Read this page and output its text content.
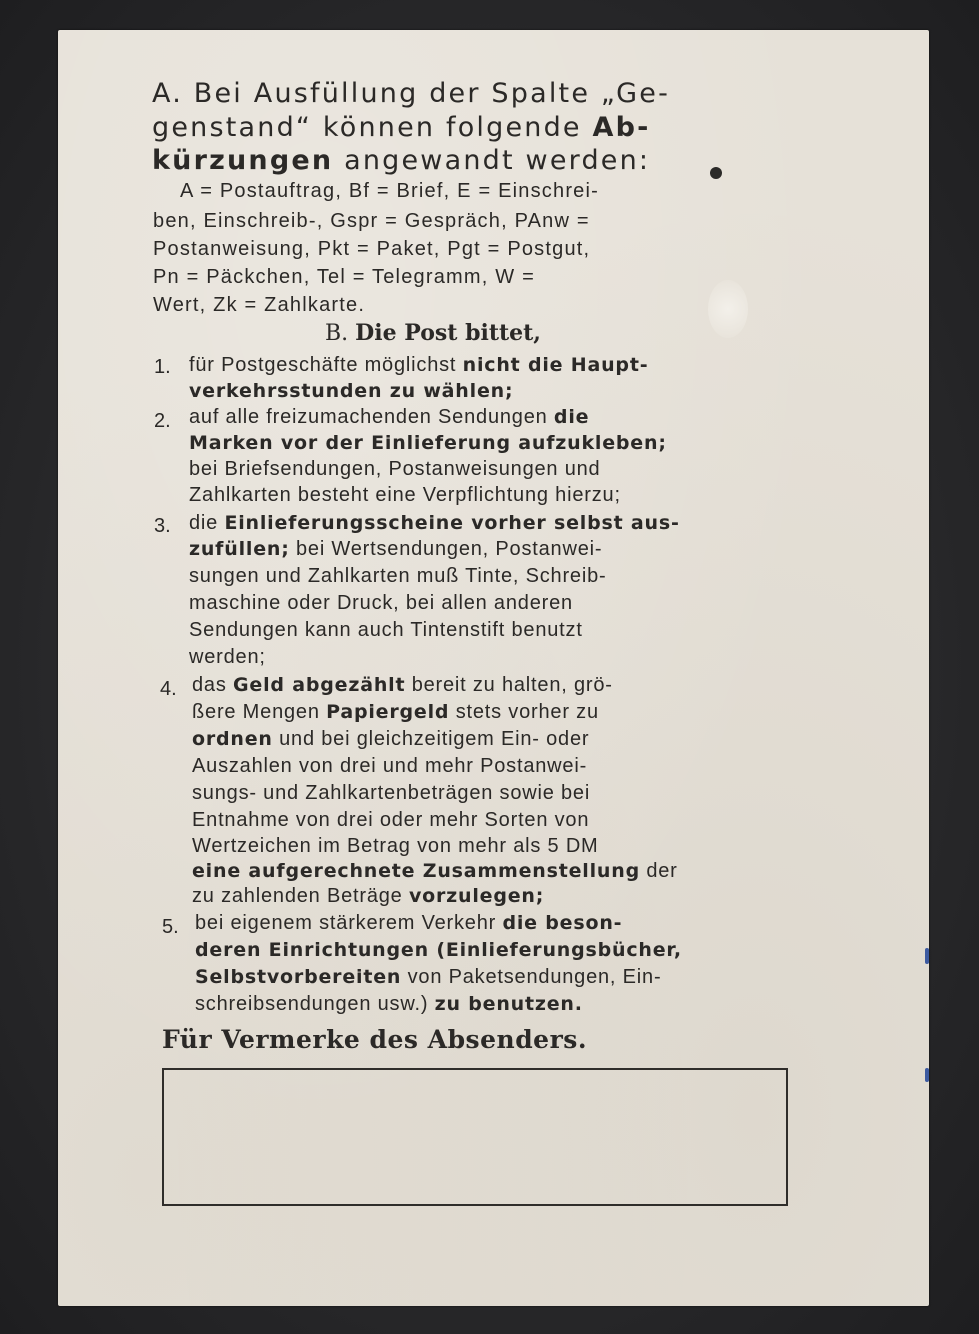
A. Bei Ausfüllung der Spalte „Ge-
genstand“ können folgende Ab-
kürzungen angewandt werden:
A = Postauftrag, Bf = Brief, E = Einschrei-
ben, Einschreib-, Gspr = Gespräch, PAnw =
Postanweisung, Pkt = Paket, Pgt = Postgut,
Pn = Päckchen, Tel = Telegramm, W =
Wert, Zk = Zahlkarte.
B. Die Post bittet,
1. für Postgeschäfte möglichst nicht die Haupt-
verkehrsstunden zu wählen;
2. auf alle freizumachenden Sendungen die
Marken vor der Einlieferung aufzukleben;
bei Briefsendungen, Postanweisungen und
Zahlkarten besteht eine Verpflichtung hierzu;
3. die Einlieferungsscheine vorher selbst aus-
zufüllen; bei Wertsendungen, Postanwei-
sungen und Zahlkarten muß Tinte, Schreib-
maschine oder Druck, bei allen anderen
Sendungen kann auch Tintenstift benutzt
werden;
4. das Geld abgezählt bereit zu halten, grö-
ßere Mengen Papiergeld stets vorher zu
ordnen und bei gleichzeitigem Ein- oder
Auszahlen von drei und mehr Postanwei-
sungs- und Zahlkartenbeträgen sowie bei
Entnahme von drei oder mehr Sorten von
Wertzeichen im Betrag von mehr als 5 DM
eine aufgerechnete Zusammenstellung der
zu zahlenden Beträge vorzulegen;
5. bei eigenem stärkerem Verkehr die beson-
deren Einrichtungen (Einlieferungsbücher,
Selbstvorbereiten von Paketsendungen, Ein-
schreibsendungen usw.) zu benutzen.
Für Vermerke des Absenders.
